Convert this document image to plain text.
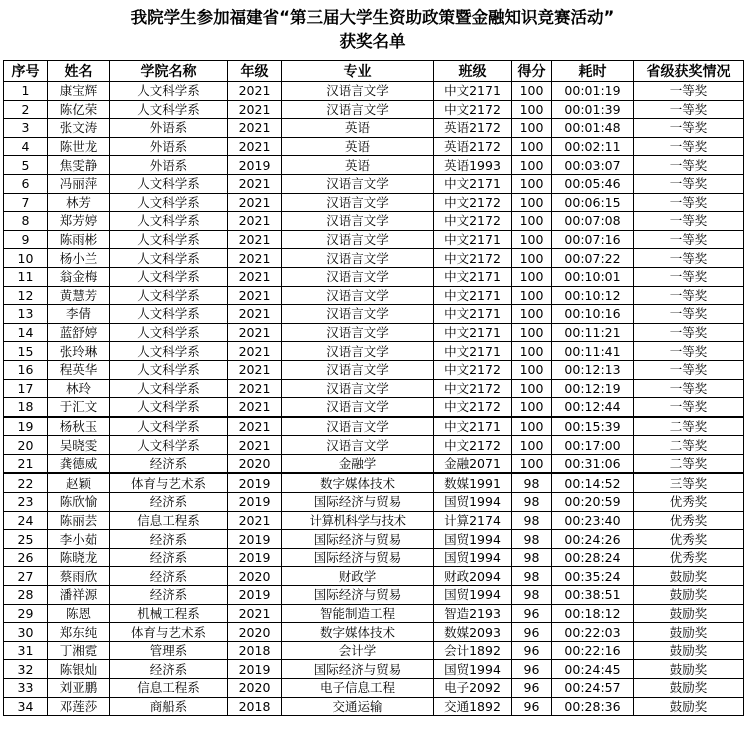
我院学生参加福建省“第三届大学生资助政策暨金融知识竞赛活动”
获奖名单
序号	姓名	学院名称	年级	专业	班级	得分	耗时	省级获奖情况
1	康宝辉	人文科学系	2021	汉语言文学	中文2171	100	00:01:19	一等奖
2	陈亿荣	人文科学系	2021	汉语言文学	中文2172	100	00:01:39	一等奖
3	张文涛	外语系	2021	英语	英语2172	100	00:01:48	一等奖
4	陈世龙	外语系	2021	英语	英语2172	100	00:02:11	一等奖
5	焦雯静	外语系	2019	英语	英语1993	100	00:03:07	一等奖
6	冯丽萍	人文科学系	2021	汉语言文学	中文2171	100	00:05:46	一等奖
7	林芳	人文科学系	2021	汉语言文学	中文2172	100	00:06:15	一等奖
8	郑芳婷	人文科学系	2021	汉语言文学	中文2172	100	00:07:08	一等奖
9	陈雨彬	人文科学系	2021	汉语言文学	中文2171	100	00:07:16	一等奖
10	杨小兰	人文科学系	2021	汉语言文学	中文2172	100	00:07:22	一等奖
11	翁金梅	人文科学系	2021	汉语言文学	中文2171	100	00:10:01	一等奖
12	黄慧芳	人文科学系	2021	汉语言文学	中文2171	100	00:10:12	一等奖
13	李倩	人文科学系	2021	汉语言文学	中文2171	100	00:10:16	一等奖
14	蓝舒婷	人文科学系	2021	汉语言文学	中文2171	100	00:11:21	一等奖
15	张玲琳	人文科学系	2021	汉语言文学	中文2171	100	00:11:41	一等奖
16	程英华	人文科学系	2021	汉语言文学	中文2172	100	00:12:13	一等奖
17	林玲	人文科学系	2021	汉语言文学	中文2172	100	00:12:19	一等奖
18	于汇文	人文科学系	2021	汉语言文学	中文2172	100	00:12:44	一等奖
19	杨秋玉	人文科学系	2021	汉语言文学	中文2171	100	00:15:39	二等奖
20	吴晓雯	人文科学系	2021	汉语言文学	中文2172	100	00:17:00	二等奖
21	龚德威	经济系	2020	金融学	金融2071	100	00:31:06	二等奖
22	赵颖	体育与艺术系	2019	数字媒体技术	数媒1991	98	00:14:52	三等奖
23	陈欣愉	经济系	2019	国际经济与贸易	国贸1994	98	00:20:59	优秀奖
24	陈丽芸	信息工程系	2021	计算机科学与技术	计算2174	98	00:23:40	优秀奖
25	李小茹	经济系	2019	国际经济与贸易	国贸1994	98	00:24:26	优秀奖
26	陈晓龙	经济系	2019	国际经济与贸易	国贸1994	98	00:28:24	优秀奖
27	蔡雨欣	经济系	2020	财政学	财政2094	98	00:35:24	鼓励奖
28	潘祥源	经济系	2019	国际经济与贸易	国贸1994	98	00:38:51	鼓励奖
29	陈恩	机械工程系	2021	智能制造工程	智造2193	96	00:18:12	鼓励奖
30	郑东纯	体育与艺术系	2020	数字媒体技术	数媒2093	96	00:22:03	鼓励奖
31	丁湘霓	管理系	2018	会计学	会计1892	96	00:22:16	鼓励奖
32	陈银灿	经济系	2019	国际经济与贸易	国贸1994	96	00:24:45	鼓励奖
33	刘亚鹏	信息工程系	2020	电子信息工程	电子2092	96	00:24:57	鼓励奖
34	邓莲莎	商船系	2018	交通运输	交通1892	96	00:28:36	鼓励奖
